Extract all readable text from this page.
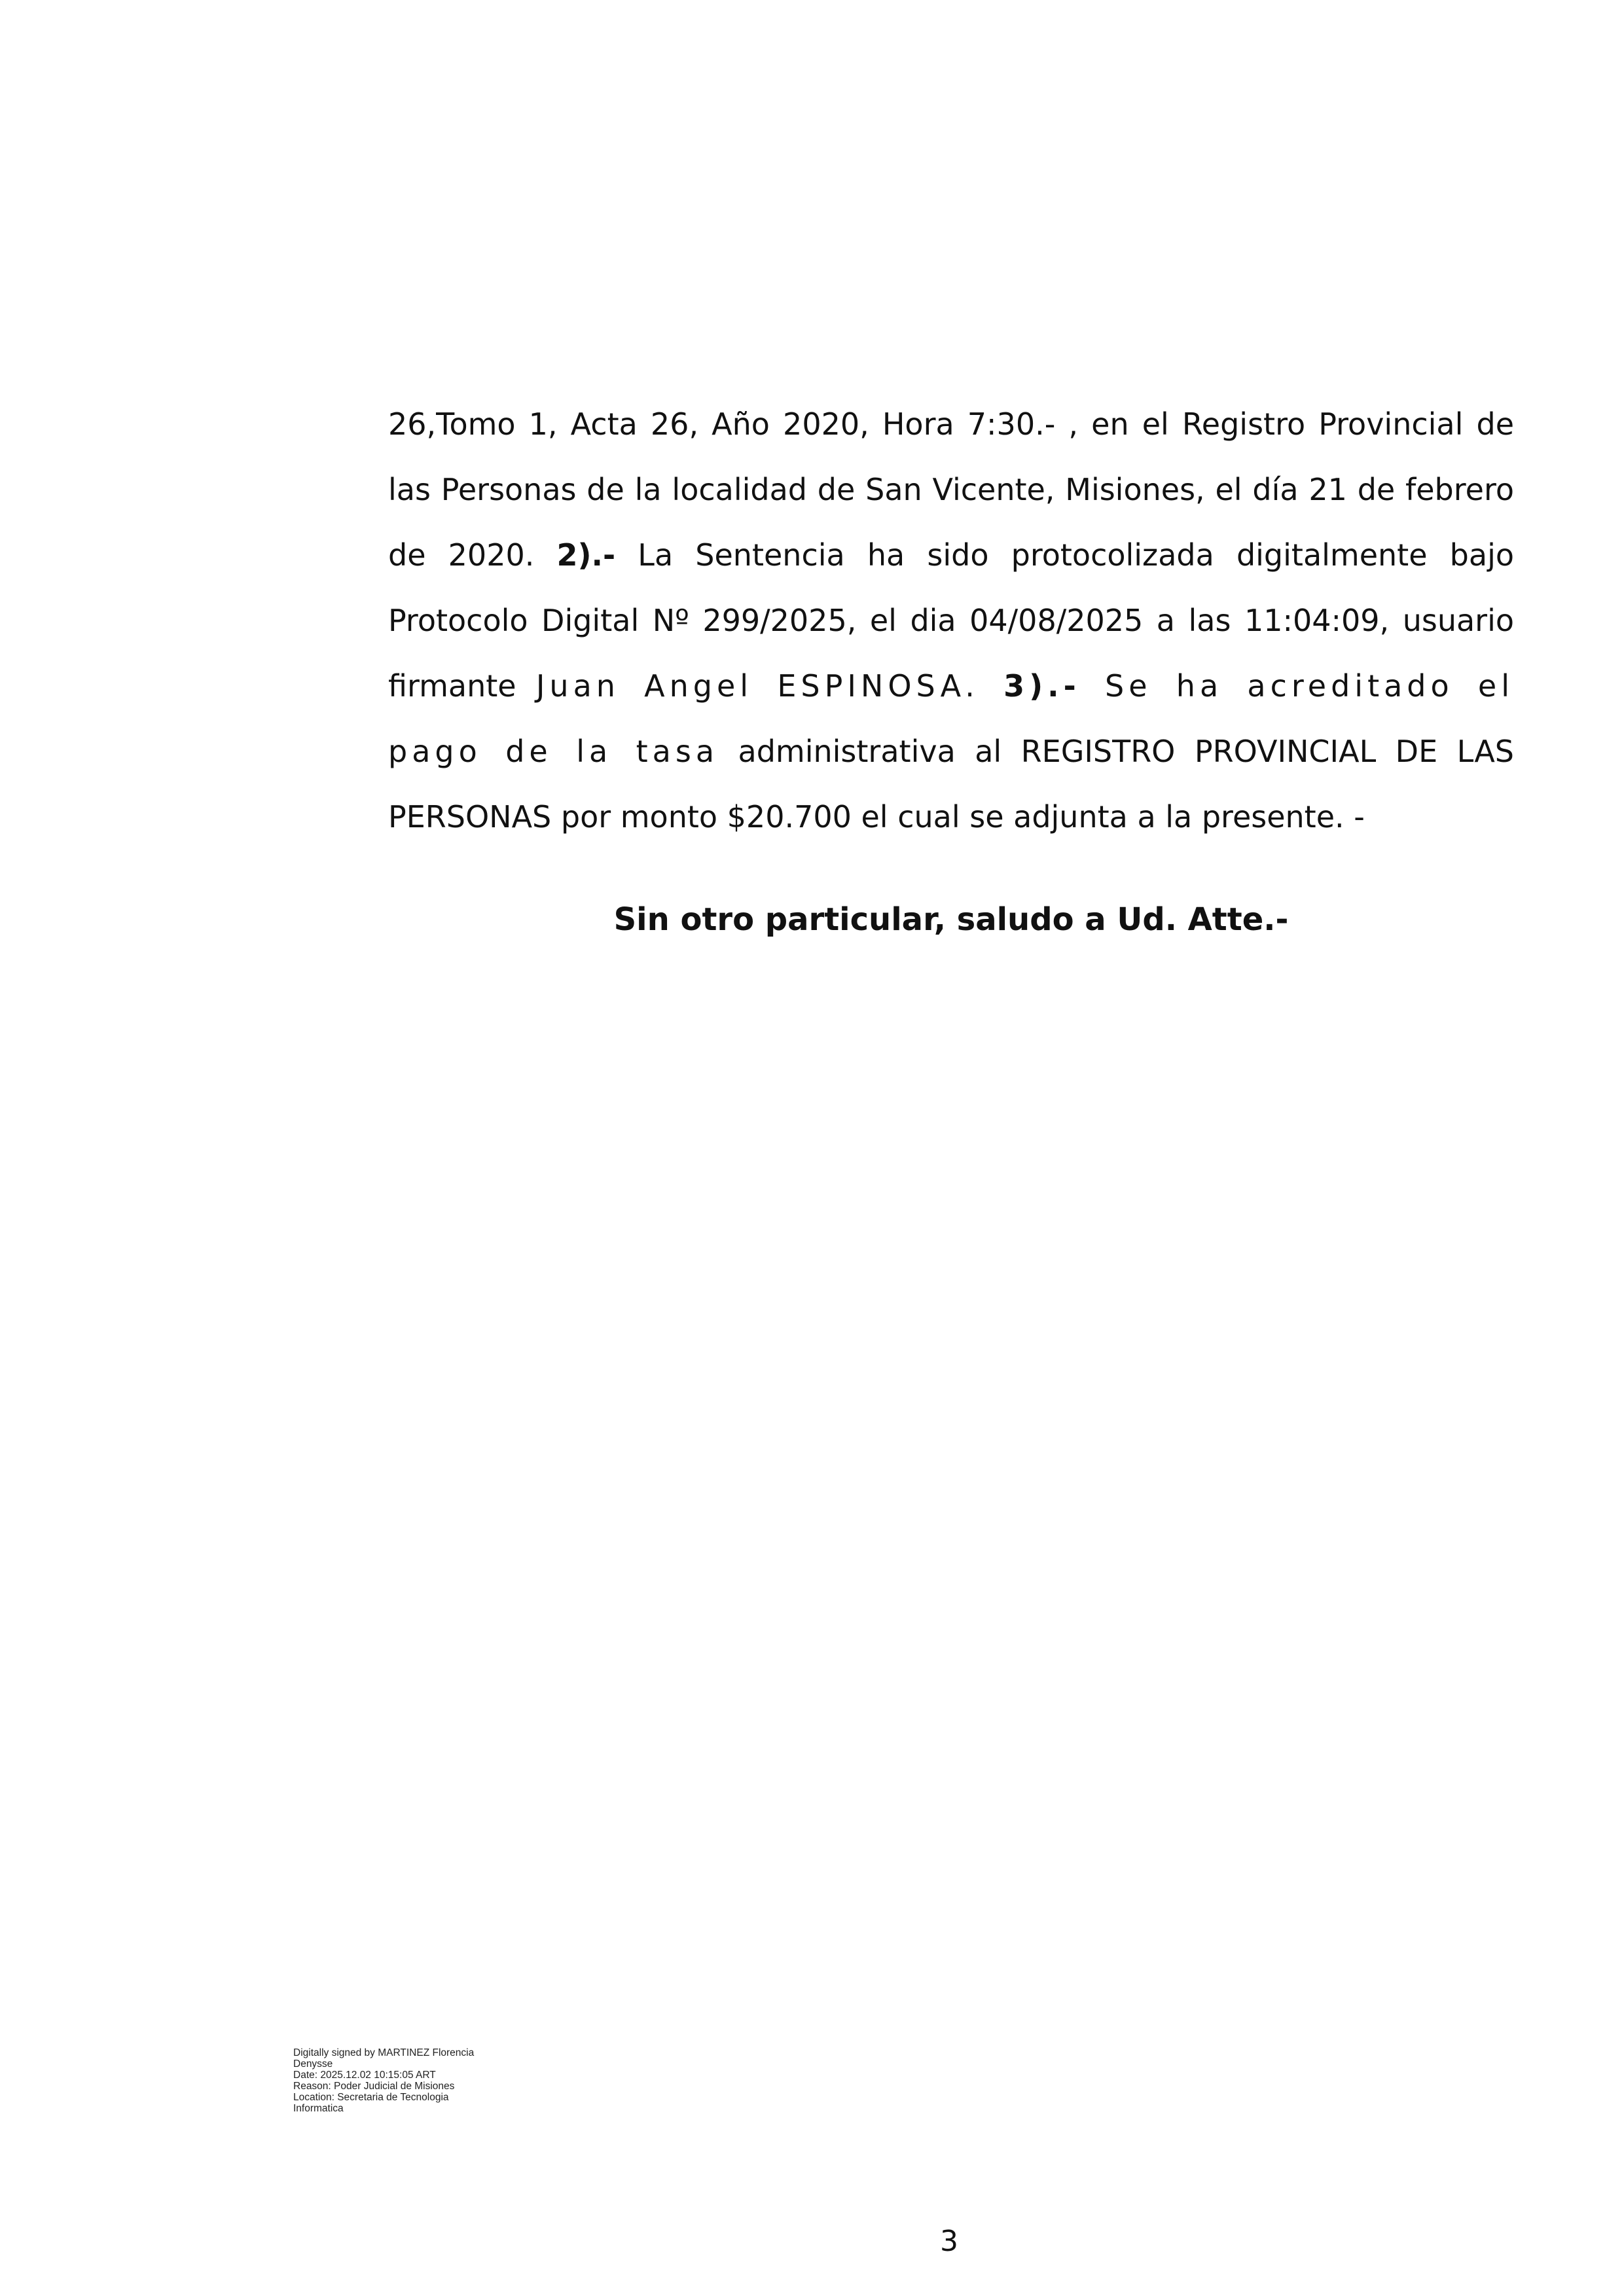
26,Tomo 1, Acta 26, Año 2020, Hora 7:30.- , en el Registro Provincial de las Personas de la localidad de San Vicente, Misiones, el día 21 de febrero de 2020. 2).- La Sentencia ha sido protocolizada digitalmente bajo Protocolo Digital Nº 299/2025, el dia 04/08/2025 a las 11:04:09, usuario firmante Juan Angel ESPINOSA. 3).- Se ha acreditado el pago de la tasa administrativa al REGISTRO PROVINCIAL DE LAS PERSONAS por monto $20.700 el cual se adjunta a la presente. -

Sin otro particular, saludo a Ud. Atte.-

Digitally signed by MARTINEZ Florencia
Denysse
Date: 2025.12.02 10:15:05 ART
Reason: Poder Judicial de Misiones
Location: Secretaria de Tecnologia
Informatica
3
